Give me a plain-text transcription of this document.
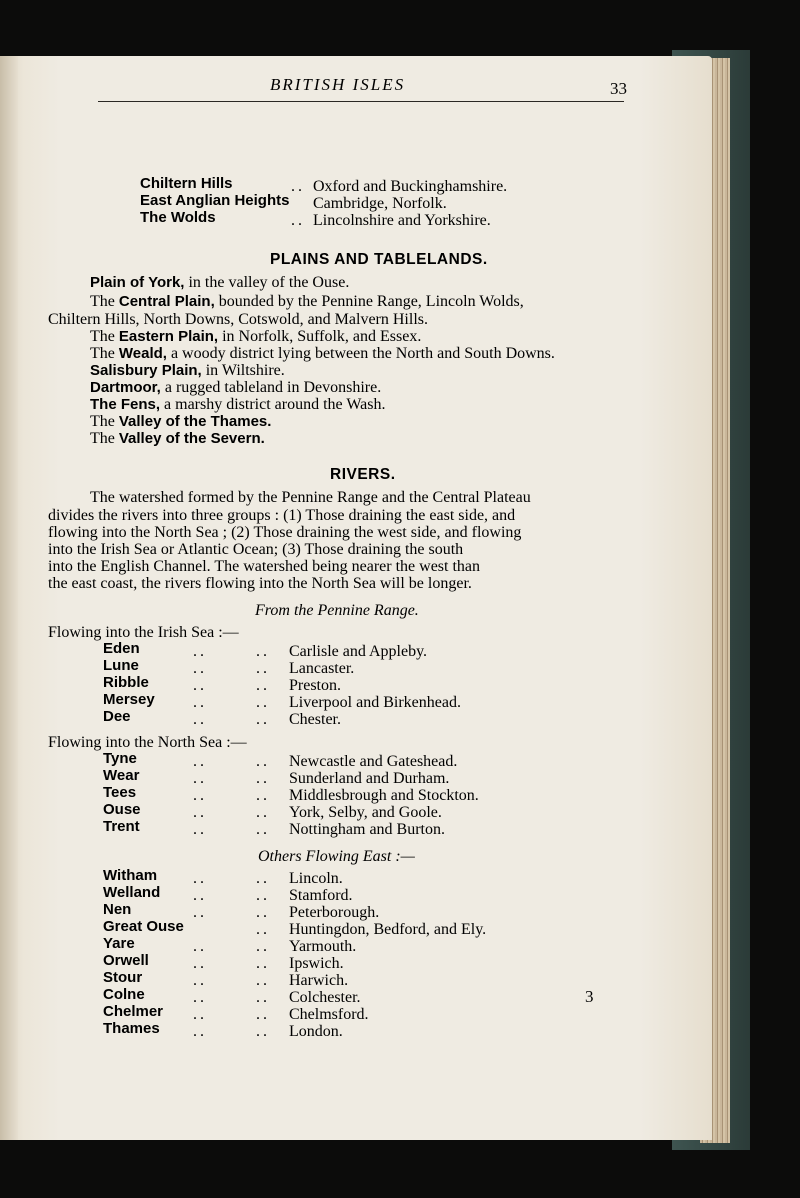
BRITISH ISLES	33
Chiltern Hills	.. Oxford and Buckinghamshire.
East Anglian Heights Cambridge, Norfolk.
The Wolds	.. Lincolnshire and Yorkshire.
PLAINS AND TABLELANDS.
Plain of York, in the valley of the Ouse.
The Central Plain, bounded by the Pennine Range, Lincoln Wolds,
Chiltern Hills, North Downs, Cotswold, and Malvern Hills.
The Eastern Plain, in Norfolk, Suffolk, and Essex.
The Weald, a woody district lying between the North and South Downs.
Salisbury Plain, in Wiltshire.
Dartmoor, a rugged tableland in Devonshire.
The Fens, a marshy district around the Wash.
The Valley of the Thames.
The Valley of the Severn.
RIVERS.
The watershed formed by the Pennine Range and the Central Plateau
divides the rivers into three groups : (1) Those draining the east side, and
flowing into the North Sea ; (2) Those draining the west side, and flowing
into the Irish Sea or Atlantic Ocean; (3) Those draining the south
into the English Channel. The watershed being nearer the west than
the east coast, the rivers flowing into the North Sea will be longer.
From the Pennine Range.
Flowing into the Irish Sea :—
Eden	..	.. Carlisle and Appleby.
Lune	..	.. Lancaster.
Ribble	..	.. Preston.
Mersey ..	.. Liverpool and Birkenhead.
Dee	..	.. Chester.
Flowing into the North Sea :—
Tyne	..	.. Newcastle and Gateshead.
Wear	..	.. Sunderland and Durham.
Tees	..	.. Middlesbrough and Stockton.
Ouse	..	.. York, Selby, and Goole.
Trent	..	.. Nottingham and Burton.
Others Flowing East :—
Witham ..	.. Lincoln.
Welland ..	.. Stamford.
Nen	..	.. Peterborough.
Great Ouse	.. Huntingdon, Bedford, and Ely.
Yare	..	.. Yarmouth.
Orwell	..	.. Ipswich.
Stour	..	.. Harwich.
Colne	..	.. Colchester.
Chelmer ..	.. Chelmsford.
Thames ..	.. London.
3
